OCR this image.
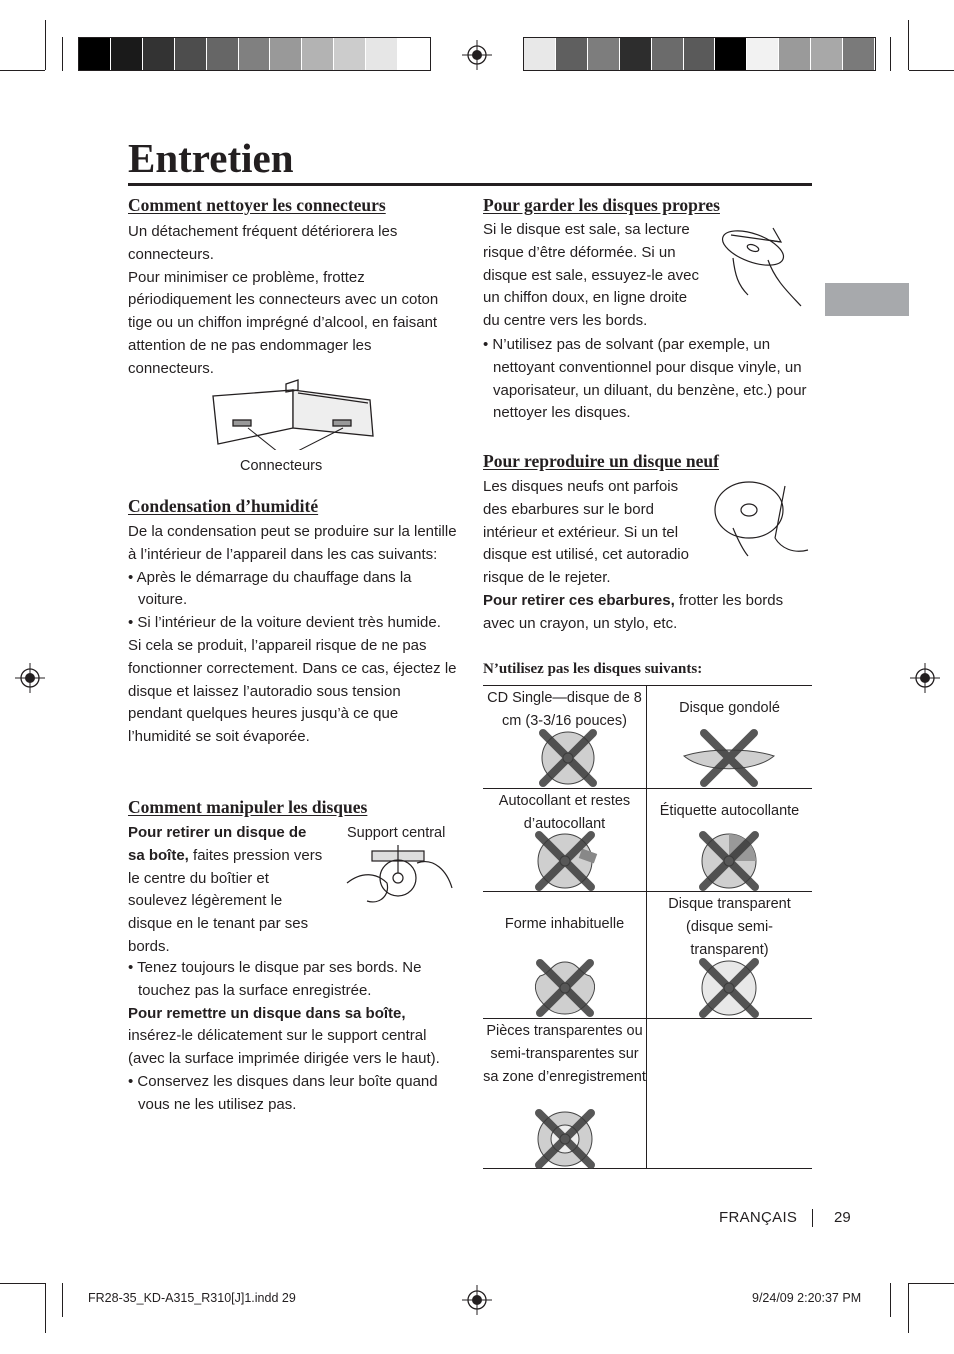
Entretien
Comment nettoyer les connecteurs

Un détachement fréquent détériorera les connecteurs.

Pour minimiser ce problème, frottez périodiquement les connecteurs avec un coton tige ou un chiffon imprégné d’alcool, en faisant attention de ne pas endommager les connecteurs.

Connecteurs
Condensation d’humidité

De la condensation peut se produire sur la lentille à l’intérieur de l’appareil dans les cas suivants:

• Après le démarrage du chauffage dans la voiture.

• Si l’intérieur de la voiture devient très humide.

Si cela se produit, l’appareil risque de ne pas fonctionner correctement. Dans ce cas, éjectez le disque et laissez l’autoradio sous tension pendant quelques heures jusqu’à ce que l’humidité se soit évaporée.

Comment manipuler les disques

Pour retirer un disque de sa boîte, faites pression vers le centre du boîtier et soulevez légèrement le disque en le tenant par ses bords.

Support central

• Tenez toujours le disque par ses bords. Ne touchez pas la surface enregistrée.

Pour remettre un disque dans sa boîte, insérez-le délicatement sur le support central (avec la surface imprimée dirigée vers le haut).

• Conservez les disques dans leur boîte quand vous ne les utilisez pas.

Pour garder les disques propres
Si le disque est sale, sa lecture risque d’être déformée. Si un disque est sale, essuyez-le avec un chiffon doux, en ligne droite du centre vers les bords.

• N’utilisez pas de solvant (par exemple, un nettoyant conventionnel pour disque vinyle, un vaporisateur, un diluant, du benzène, etc.) pour nettoyer les disques.

Pour reproduire un disque neuf
Les disques neufs ont parfois des ebarbures sur le bord intérieur et extérieur. Si un tel disque est utilisé, cet autoradio risque de le rejeter.

Pour retirer ces ebarbures, frotter les bords avec un crayon, un stylo, etc.

N’utilisez pas les disques suivants:
CD Single—disque de 8 cm (3-3/16 pouces)	Disque gondolé

Autocollant et restes d’autocollant	Étiquette autocollante

Forme inhabituelle	Disque transparent (disque semi-transparent)

Pièces transparentes ou semi-transparentes sur sa zone d’enregistrement	

FRANÇAIS 29
FR28-35_KD-A315_R310[J]1.indd 29	9/24/09 2:20:37 PM
